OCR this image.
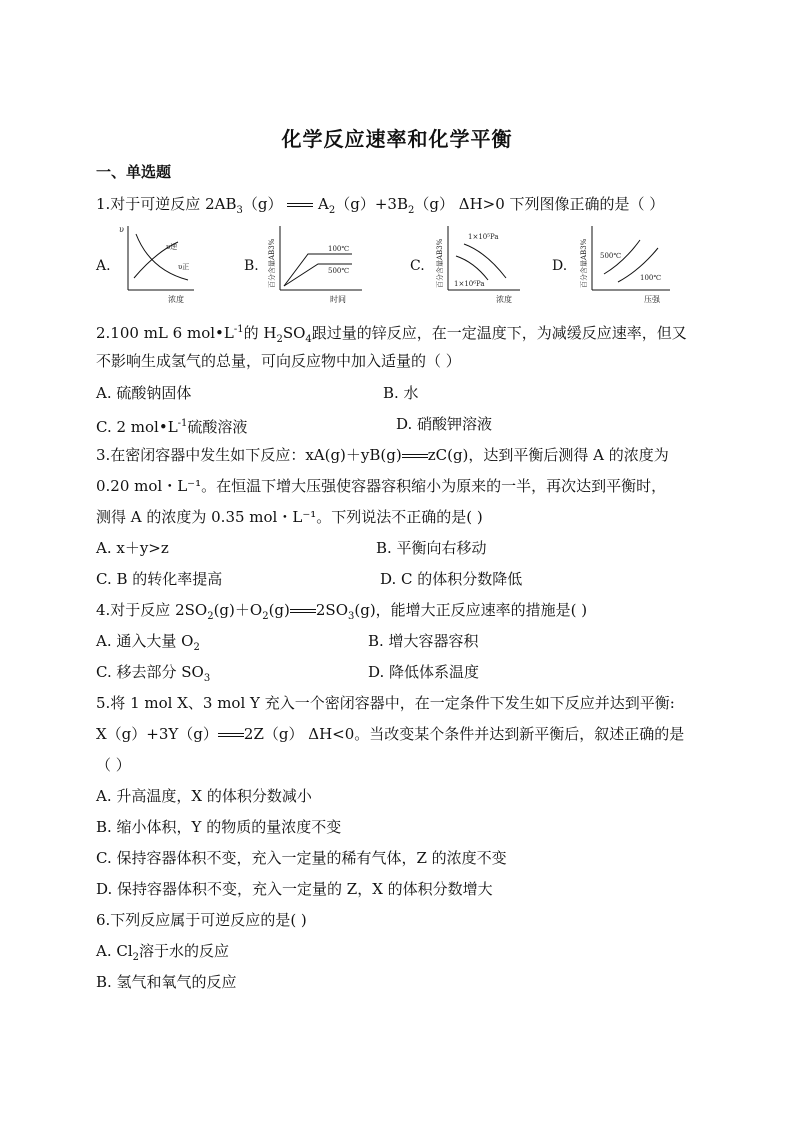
化学反应速率和化学平衡
一、单选题
1.对于可逆反应 $2AB_3(g)$ $A_2(g)+3B_2(g)$ ΔH>0 下列图像正确的是（ ）
A.	B.	C.	D.
υ
υ逆
υ正
浓度
百分含量AB3%	100℃
500℃
时间
百分含量AB3%
1×10⁵Pa
1×10⁶Pa
浓度
百分含量AB3% 500℃
100℃
压强
2.100 mL 6 $mol•L^{-1}$的 $H_2SO_4$跟过量的锌反应，在一定温度下，为减缓反应速率，但又
不影响生成氢气的总量，可向反应物中加入适量的（ ）
A. 硫酸钠固体	B. 水
C. 2 $mol•L^{-1}$硫酸溶液	D. 硝酸钾溶液
3.在密闭容器中发生如下反应：xA(g)＋yB(g) zC(g)，达到平衡后测得 A 的浓度为
0.20 mol・L⁻¹。在恒温下增大压强使容器容积缩小为原来的一半，再次达到平衡时，
测得 A 的浓度为 0.35 mol・L⁻¹。下列说法不正确的是( )
A. x＋y>z	B. 平衡向右移动
C. B 的转化率提高	D. C 的体积分数降低
4.对于反应 $2SO_2(g)+O_2(g)$ $2SO_3(g)$，能增大正反应速率的措施是( )
A. 通入大量 $O_2$	B. 增大容器容积
C. 移去部分 $SO_3$	D. 降低体系温度
5.将 1 mol X、3 mol Y 充入一个密闭容器中，在一定条件下发生如下反应并达到平衡:
X（g）+3Y（g） 2Z（g） ΔH<0。当改变某个条件并达到新平衡后，叙述正确的是
（ ）
A. 升高温度，X 的体积分数减小
B. 缩小体积，Y 的物质的量浓度不变
C. 保持容器体积不变，充入一定量的稀有气体，Z 的浓度不变
D. 保持容器体积不变，充入一定量的 Z，X 的体积分数增大
6.下列反应属于可逆反应的是( )
A. $Cl_2$溶于水的反应
B. 氢气和氧气的反应
